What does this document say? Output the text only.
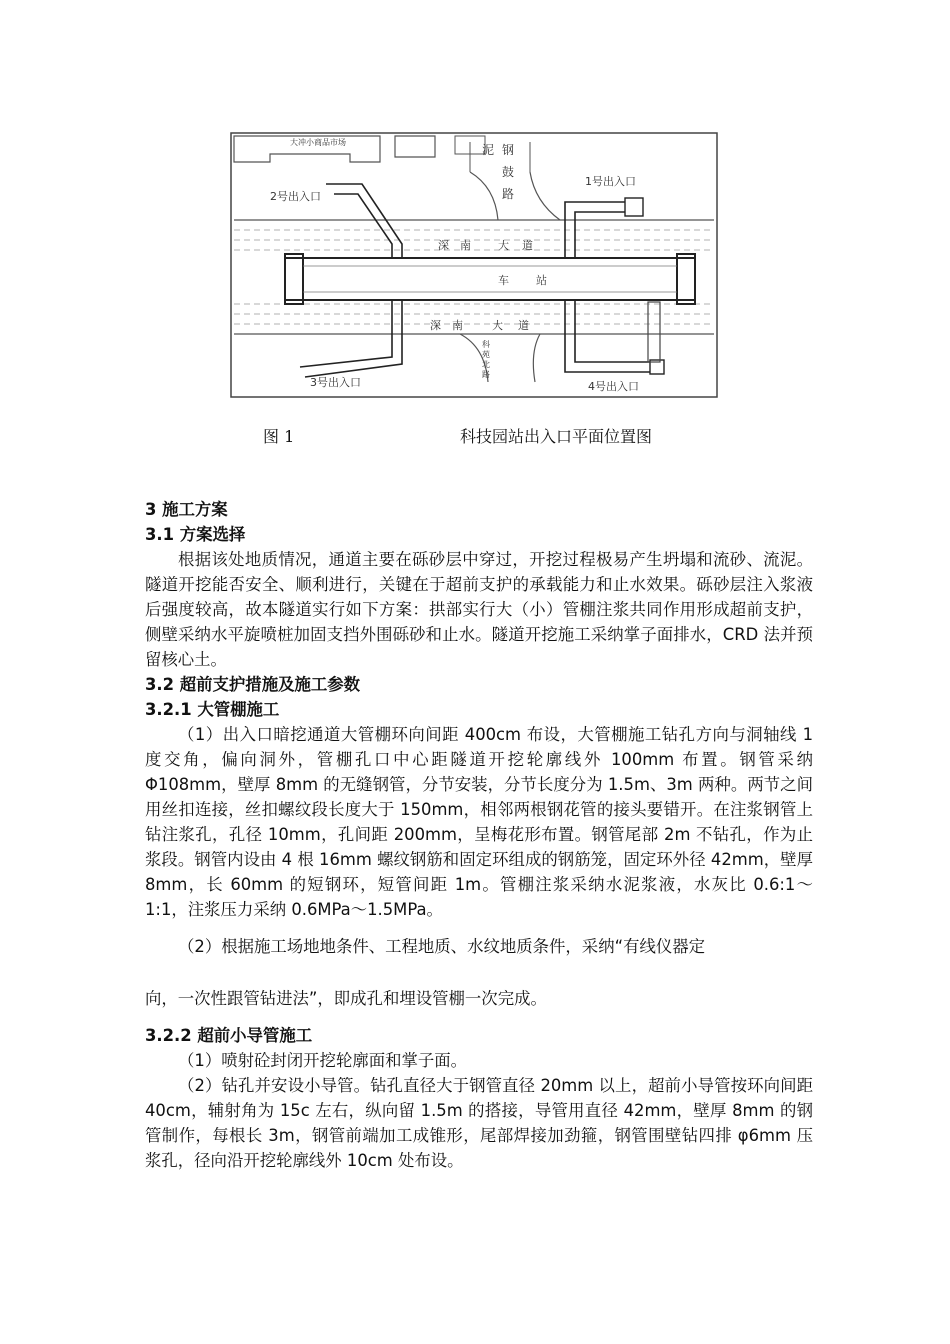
大冲小商品市场
泥 钢
鼓
路
1号出入口
2号出入口
3号出入口	4号出入口
深 南 大 道
深 南	大 道
车 站
科
苑
北
路
图 1	科技园站出入口平面位置图

3 施工方案

3.1 方案选择

根据该处地质情况，通道主要在砾砂层中穿过，开挖过程极易产生坍塌和流砂、流泥。隧道开挖能否安全、顺利进行，关键在于超前支护的承载能力和止水效果。砾砂层注入浆液后强度较高，故本隧道实行如下方案：拱部实行大（小）管棚注浆共同作用形成超前支护，侧壁采纳水平旋喷桩加固支挡外围砾砂和止水。隧道开挖施工采纳掌子面排水，CRD 法并预留核心土。

3.2 超前支护措施及施工参数

3.2.1 大管棚施工

（1）出入口暗挖通道大管棚环向间距 400cm 布设，大管棚施工钻孔方向与洞轴线 1 度交角，偏向洞外，管棚孔口中心距隧道开挖轮廓线外 100mm 布置。钢管采纳 Φ108mm，壁厚 8mm 的无缝钢管，分节安装，分节长度分为 1.5m、3m 两种。两节之间用丝扣连接，丝扣螺纹段长度大于 150mm，相邻两根钢花管的接头要错开。在注浆钢管上钻注浆孔，孔径 10mm，孔间距 200mm，呈梅花形布置。钢管尾部 2m 不钻孔，作为止浆段。钢管内设由 4 根 16mm 螺纹钢筋和固定环组成的钢筋笼，固定环外径 42mm，壁厚 8mm，长 60mm 的短钢环，短管间距 1m。管棚注浆采纳水泥浆液，水灰比 0.6:1～1:1，注浆压力采纳 0.6MPa～1.5MPa。

（2）根据施工场地地条件、工程地质、水纹地质条件，采纳“有线仪器定

向，一次性跟管钻进法”，即成孔和埋设管棚一次完成。

3.2.2 超前小导管施工

（1）喷射砼封闭开挖轮廓面和掌子面。

（2）钻孔并安设小导管。钻孔直径大于钢管直径 20mm 以上，超前小导管按环向间距 40cm，辅射角为 15c 左右，纵向留 1.5m 的搭接，导管用直径 42mm，壁厚 8mm 的钢管制作，每根长 3m，钢管前端加工成锥形，尾部焊接加劲箍，钢管围壁钻四排 φ6mm 压浆孔，径向沿开挖轮廓线外 10cm 处布设。
